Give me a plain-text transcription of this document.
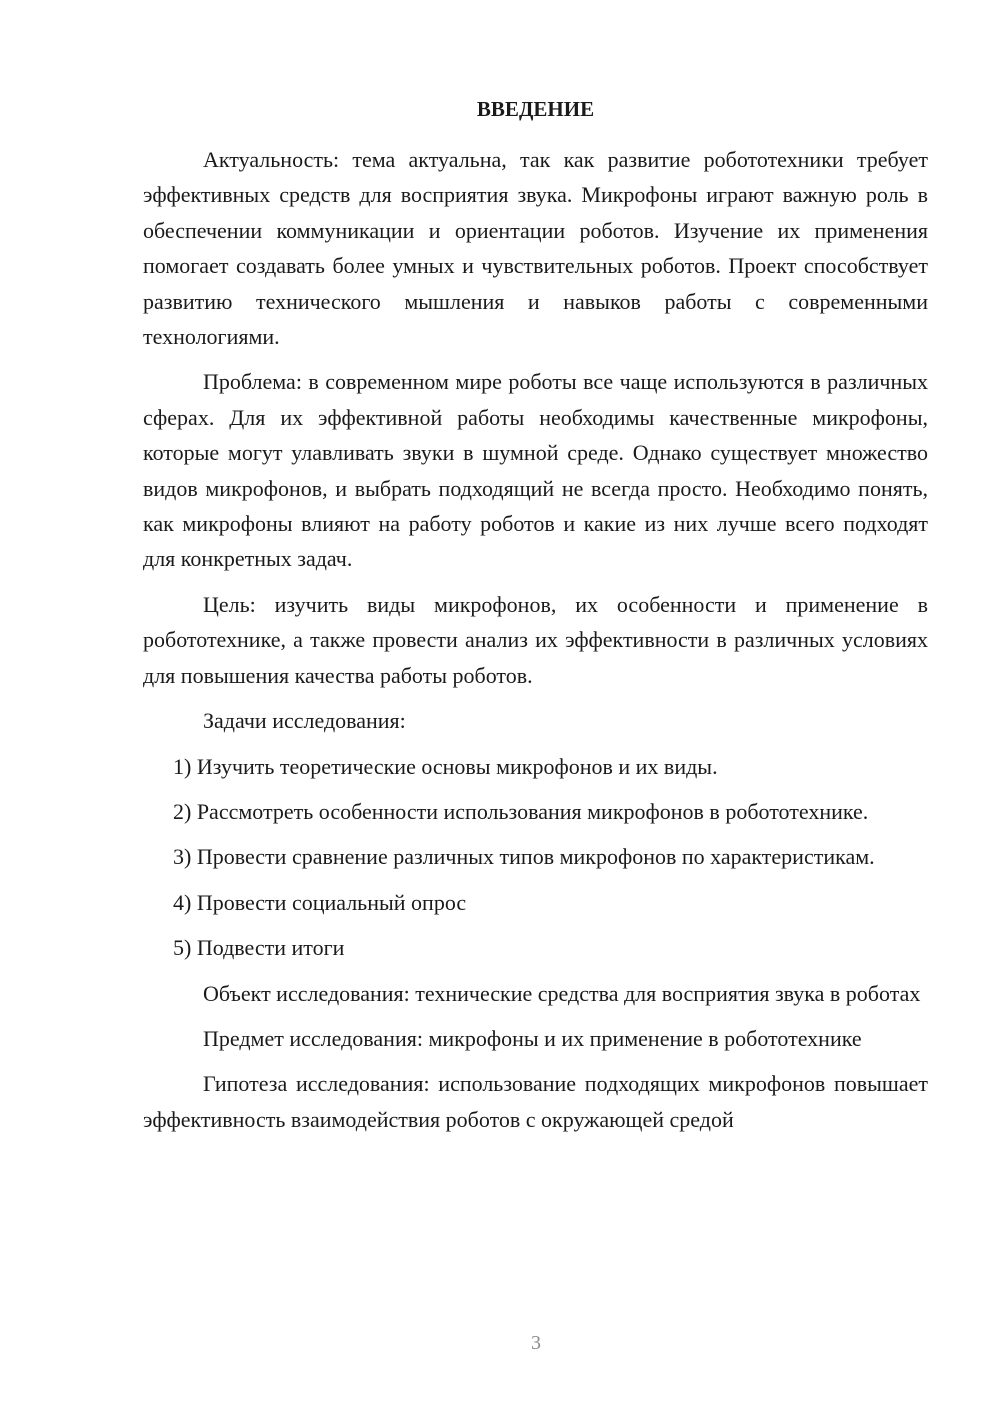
ВВЕДЕНИЕ

Актуальность: тема актуальна, так как развитие робототехники требует эффективных средств для восприятия звука. Микрофоны играют важную роль в обеспечении коммуникации и ориентации роботов. Изучение их применения помогает создавать более умных и чувствительных роботов. Проект способствует развитию технического мышления и навыков работы с современными технологиями.

Проблема: в современном мире роботы все чаще используются в различных сферах. Для их эффективной работы необходимы качественные микрофоны, которые могут улавливать звуки в шумной среде. Однако существует множество видов микрофонов, и выбрать подходящий не всегда просто. Необходимо понять, как микрофоны влияют на работу роботов и какие из них лучше всего подходят для конкретных задач.

Цель: изучить виды микрофонов, их особенности и применение в робототехнике, а также провести анализ их эффективности в различных условиях для повышения качества работы роботов.

Задачи исследования:

1) Изучить теоретические основы микрофонов и их виды.

2) Рассмотреть особенности использования микрофонов в робототехнике.

3) Провести сравнение различных типов микрофонов по характеристикам.

4) Провести социальный опрос

5) Подвести итоги

Объект исследования: технические средства для восприятия звука в роботах

Предмет исследования: микрофоны и их применение в робототехнике

Гипотеза исследования: использование подходящих микрофонов повышает эффективность взаимодействия роботов с окружающей средой

3
